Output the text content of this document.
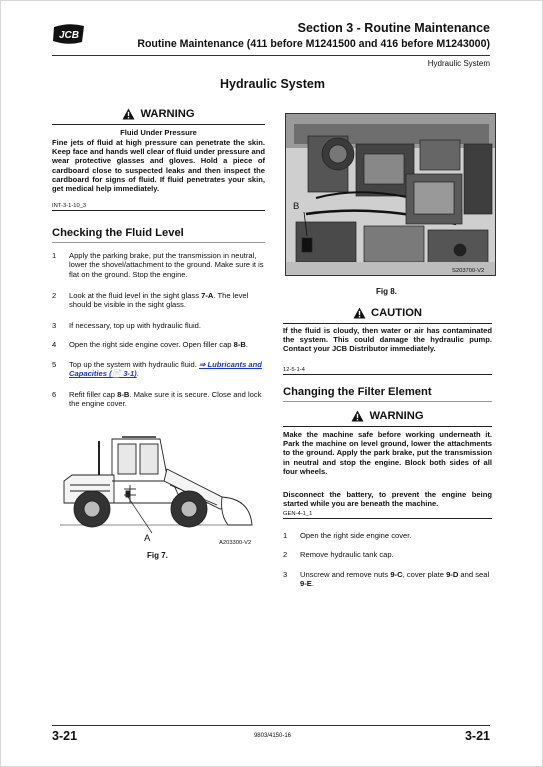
JCB
Section 3 - Routine Maintenance
Routine Maintenance (411 before M1241500 and 416 before M1243000)
Hydraulic System
Hydraulic System
WARNING
Fluid Under Pressure
Fine jets of fluid at high pressure can penetrate the skin. Keep face and hands well clear of fluid under pressure and wear protective glasses and gloves. Hold a piece of cardboard close to suspected leaks and then inspect the cardboard for signs of fluid. If fluid penetrates your skin, get medical help immediately.
INT-3-1-10_3
Checking the Fluid Level
1 Apply the parking brake, put the transmission in neutral, lower the shovel/attachment to the ground. Make sure it is flat on the ground. Stop the engine.
2 Look at the fluid level in the sight glass 7-A. The level should be visible in the sight glass.
3 If necessary, top up with hydraulic fluid.
4 Open the right side engine cover. Open filler cap 8-B.
5 Top up the system with hydraulic fluid. ⇒ Lubricants and Capacities (📄 3-1).
6 Refit filler cap 8-B. Make sure it is secure. Close and lock the engine cover.
A	A203300-V2
Fig 7.
B
S203700-V2
Fig 8.
CAUTION
If the fluid is cloudy, then water or air has contaminated the system. This could damage the hydraulic pump. Contact your JCB Distributor immediately.
12-5-1-4
Changing the Filter Element
WARNING
Make the machine safe before working underneath it. Park the machine on level ground, lower the attachments to the ground. Apply the park brake, put the transmission in neutral and stop the engine. Block both sides of all four wheels.
Disconnect the battery, to prevent the engine being started while you are beneath the machine.
GEN-4-1_1
1 Open the right side engine cover.
2 Remove hydraulic tank cap.
3 Unscrew and remove nuts 9-C, cover plate 9-D and seal 9-E.
3-21	9803/4150-16	3-21
